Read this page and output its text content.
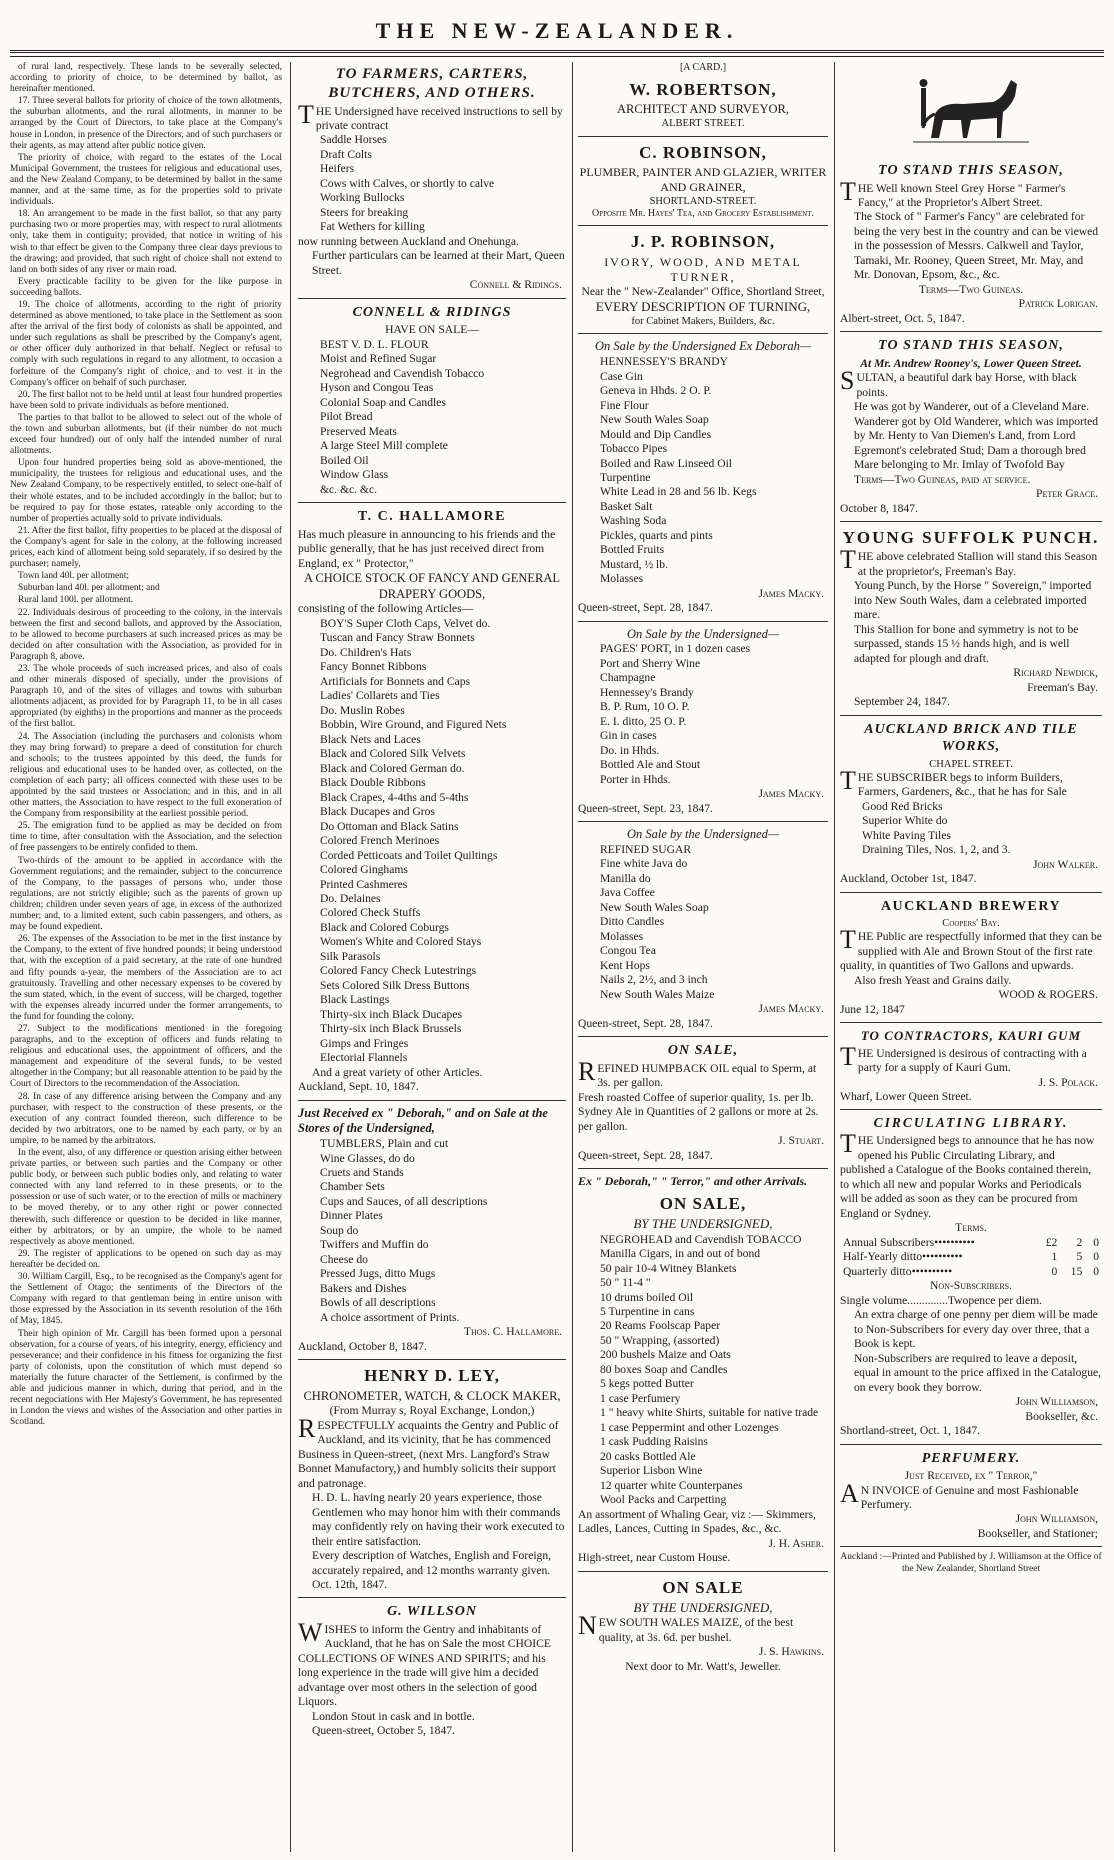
THE NEW-ZEALANDER.

of rural land, respectively. These lands to be severally selected, according to priority of choice, to be determined by ballot, as hereinafter mentioned.

17. Three several ballots for priority of choice of the town allotments, the suburban allotments, and the rural allotments, in manner to be arranged by the Court of Directors, to take place at the Company's house in London, in presence of the Directors, and of such purchasers or their agents, as may attend after public notice given.

The priority of choice, with regard to the estates of the Local Municipal Government, the trustees for religious and educational uses, and the New Zealand Company, to be determined by ballot in the same manner, and at the same time, as for the properties sold to private individuals.

18. An arrangement to be made in the first ballot, so that any party purchasing two or more properties may, with respect to rural allotments only, take them in contiguity; provided, that notice in writing of his wish to that effect be given to the Company three clear days previous to the drawing; and provided, that such right of choice shall not extend to land on both sides of any river or main road.

Every practicable facility to be given for the like purpose in succeeding ballots.

19. The choice of allotments, according to the right of priority determined as above mentioned, to take place in the Settlement as soon after the arrival of the first body of colonists as shall be appointed, and under such regulations as shall be prescribed by the Company's agent, or other officer duly authorized in that behalf. Neglect or refusal to comply with such regulations in regard to any allotment, to occasion a forfeiture of the Company's right of choice, and to vest it in the Company's officer on behalf of such purchaser.

20. The first ballot not to be held until at least four hundred properties have been sold to private individuals as before mentioned.

The parties to that ballot to be allowed to select out of the whole of the town and suburban allotments, but (if their number do not much exceed four hundred) out of only half the intended number of rural allotments.

Upon four hundred properties being sold as above-mentioned, the municipality, the trustees for religious and educational uses, and the New Zealand Company, to be respectively entitled, to select one-half of their whole estates, and to be included accordingly in the ballot; but to be required to pay for those estates, rateable only according to the number of properties actually sold to private individuals.

21. After the first ballot, fifty properties to be placed at the disposal of the Company's agent for sale in the colony, at the following increased prices, each kind of allotment being sold separately, if so desired by the purchaser; namely,

Town land 40l. per allotment;

Suburban land 40l. per allotment; and

Rural land 100l. per allotment.

22. Individuals desirous of proceeding to the colony, in the intervals between the first and second ballots, and approved by the Association, to be allowed to become purchasers at such increased prices as may be decided on after consultation with the Association, as provided for in Paragraph 8, above.

23. The whole proceeds of such increased prices, and also of coals and other minerals disposed of specially, under the provisions of Paragraph 10, and of the sites of villages and towns with suburban allotments adjacent, as provided for by Paragraph 11, to be in all cases appropriated (by eighths) in the proportions and manner as the proceeds of the first ballot.

24. The Association (including the purchasers and colonists whom they may bring forward) to prepare a deed of constitution for church and schools; to the trustees appointed by this deed, the funds for religious and educational uses to be handed over, as collected, on the completion of each party; all officers connected with these uses to be appointed by the said trustees or Association; and in this, and in all other matters, the Association to have respect to the full exoneration of the Company from responsibility at the earliest possible period.

25. The emigration fund to be applied as may be decided on from time to time, after consultation with the Association, and the selection of free passengers to be entirely confided to them.

Two-thirds of the amount to be applied in accordance with the Government regulations; and the remainder, subject to the concurrence of the Company, to the passages of persons who, under those regulations, are not strictly eligible; such as the parents of grown up children; children under seven years of age, in excess of the authorized number; and, to a limited extent, such cabin passengers, and others, as may be found expedient.

26. The expenses of the Association to be met in the first instance by the Company, to the extent of five hundred pounds; it being understood that, with the exception of a paid secretary, at the rate of one hundred and fifty pounds a-year, the members of the Association are to act gratuitously. Travelling and other necessary expenses to be covered by the sum stated, which, in the event of success, will be charged, together with the expenses already incurred under the former arrangements, to the fund for founding the colony.

27. Subject to the modifications mentioned in the foregoing paragraphs, and to the exception of officers and funds relating to religious and educational uses, the appointment of officers, and the management and expenditure of the several funds, to be vested altogether in the Company; but all reasonable attention to be paid by the Court of Directors to the recommendation of the Association.

28. In case of any difference arising between the Company and any purchaser, with respect to the construction of these presents, or the execution of any contract founded thereon, such difference to be decided by two arbitrators, one to be named by each party, or by an umpire, to be named by the arbitrators.

In the event, also, of any difference or question arising either between private parties, or between such parties and the Company or other public body, or between such public bodies only, and relating to water connected with any land referred to in these presents, or to the possession or use of such water, or to the erection of mills or machinery to be moved thereby, or to any other right or power connected therewith, such difference or question to be decided in like manner, either by arbitrators, or by an umpire, the whole to be named respectively as above mentioned.

29. The register of applications to be opened on such day as may hereafter be decided on.

30. William Cargill, Esq., to be recognised as the Company's agent for the Settlement of Otago; the sentiments of the Directors of the Company with regard to that gentleman being in entire unison with those expressed by the Association in its seventh resolution of the 16th of May, 1845.

Their high opinion of Mr. Cargill has been formed upon a personal observation, for a course of years, of his integrity, energy, efficiency and perseverance; and their confidence in his fitness for organizing the first party of colonists, upon the constitution of which must depend so materially the future character of the Settlement, is confirmed by the able and judicious manner in which, during that period, and in the recent negociations with Her Majesty's Government, he has represented in London the views and wishes of the Association and other parties in Scotland.

TO FARMERS, CARTERS, BUTCHERS, AND OTHERS.

THE Undersigned have received instructions to sell by private contract

Saddle Horses
Draft Colts
Heifers
Cows with Calves, or shortly to calve
Working Bullocks
Steers for breaking
Fat Wethers for killing

now running between Auckland and Onehunga.

Further particulars can be learned at their Mart, Queen Street.

Connell & Ridings.

CONNELL & RIDINGS
HAVE ON SALE—
BEST V. D. L. FLOUR
Moist and Refined Sugar
Negrohead and Cavendish Tobacco
Hyson and Congou Teas
Colonial Soap and Candles
Pilot Bread
Preserved Meats
A large Steel Mill complete
Boiled Oil
Window Glass
&c. &c. &c.
T. C. HALLAMORE

Has much pleasure in announcing to his friends and the public generally, that he has just received direct from England, ex " Protector,"

A CHOICE STOCK OF FANCY AND GENERAL DRAPERY GOODS,

consisting of the following Articles—

BOY'S Super Cloth Caps, Velvet do.
Tuscan and Fancy Straw Bonnets
Do. Children's Hats
Fancy Bonnet Ribbons
Artificials for Bonnets and Caps
Ladies' Collarets and Ties
Do. Muslin Robes
Bobbin, Wire Ground, and Figured Nets
Black Nets and Laces
Black and Colored Silk Velvets
Black and Colored German do.
Black Double Ribbons
Black Crapes, 4-4ths and 5-4ths
Black Ducapes and Gros
Do Ottoman and Black Satins
Colored French Merinoes
Corded Petticoats and Toilet Quiltings
Colored Ginghams
Printed Cashmeres
Do. Delaines
Colored Check Stuffs
Black and Colored Coburgs
Women's White and Colored Stays
Silk Parasols
Colored Fancy Check Lutestrings
Sets Colored Silk Dress Buttons
Black Lastings
Thirty-six inch Black Ducapes
Thirty-six inch Black Brussels
Gimps and Fringes
Electorial Flannels

And a great variety of other Articles.

Auckland, Sept. 10, 1847.

Just Received ex " Deborah," and on Sale at the Stores of the Undersigned,

TUMBLERS, Plain and cut
Wine Glasses, do do
Cruets and Stands
Chamber Sets
Cups and Sauces, of all descriptions
Dinner Plates
Soup do
Twiffers and Muffin do
Cheese do
Pressed Jugs, ditto Mugs
Bakers and Dishes
Bowls of all descriptions
A choice assortment of Prints.

Thos. C. Hallamore.

Auckland, October 8, 1847.

HENRY D. LEY,
CHRONOMETER, WATCH, & CLOCK MAKER,
(From Murray s, Royal Exchange, London,)

RESPECTFULLY acquaints the Gentry and Public of Auckland, and its vicinity, that he has commenced Business in Queen-street, (next Mrs. Langford's Straw Bonnet Manufactory,) and humbly solicits their support and patronage.

H. D. L. having nearly 20 years experience, those Gentlemen who may honor him with their commands may confidently rely on having their work executed to their entire satisfaction.

Every description of Watches, English and Foreign, accurately repaired, and 12 months warranty given.

Oct. 12th, 1847.

G. WILLSON

WISHES to inform the Gentry and inhabitants of Auckland, that he has on Sale the most CHOICE COLLECTIONS OF WINES AND SPIRITS; and his long experience in the trade will give him a decided advantage over most others in the selection of good Liquors.

London Stout in cask and in bottle.

Queen-street, October 5, 1847.

[A CARD.]
W. ROBERTSON,
ARCHITECT AND SURVEYOR,
ALBERT STREET.
C. ROBINSON,
PLUMBER, PAINTER AND GLAZIER, WRITER AND GRAINER,
SHORTLAND-STREET.
Opposite Mr. Hayes' Tea, and Grocery Establishment.
J. P. ROBINSON,
IVORY, WOOD, AND METAL TURNER,
Near the " New-Zealander" Office, Shortland Street,
EVERY DESCRIPTION OF TURNING,
for Cabinet Makers, Builders, &c.
On Sale by the Undersigned Ex Deborah—
HENNESSEY'S BRANDY
Case Gin
Geneva in Hhds. 2 O. P.
Fine Flour
New South Wales Soap
Mould and Dip Candles
Tobacco Pipes
Boiled and Raw Linseed Oil
Turpentine
White Lead in 28 and 56 lb. Kegs
Basket Salt
Washing Soda
Pickles, quarts and pints
Bottled Fruits
Mustard, ½ lb.
Molasses

James Macky.

Queen-street, Sept. 28, 1847.

On Sale by the Undersigned—
PAGES' PORT, in 1 dozen cases
Port and Sherry Wine
Champagne
Hennessey's Brandy
B. P. Rum, 10 O. P.
E. I. ditto, 25 O. P.
Gin in cases
Do. in Hhds.
Bottled Ale and Stout
Porter in Hhds.

James Macky.

Queen-street, Sept. 23, 1847.

On Sale by the Undersigned—
REFINED SUGAR
Fine white Java do
Manilla do
Java Coffee
New South Wales Soap
Ditto Candles
Molasses
Congou Tea
Kent Hops
Nails 2, 2½, and 3 inch
New South Wales Maize

James Macky.

Queen-street, Sept. 28, 1847.

ON SALE,

REFINED HUMPBACK OIL equal to Sperm, at 3s. per gallon.

Fresh roasted Coffee of superior quality, 1s. per lb.

Sydney Ale in Quantities of 2 gallons or more at 2s. per gallon.

J. Stuart.

Queen-street, Sept. 28, 1847.

Ex " Deborah," " Terror," and other Arrivals.

ON SALE,
BY THE UNDERSIGNED,
NEGROHEAD and Cavendish TOBACCO
Manilla Cigars, in and out of bond
50 pair 10-4 Witney Blankets
50 " 11-4 "
10 drums boiled Oil
5 Turpentine in cans
20 Reams Foolscap Paper
50 " Wrapping, (assorted)
200 bushels Maize and Oats
80 boxes Soap and Candles
5 kegs potted Butter
1 case Perfumery
1 " heavy white Shirts, suitable for native trade
1 case Peppermint and other Lozenges
1 cask Pudding Raisins
20 casks Bottled Ale
Superior Lisbon Wine
12 quarter white Counterpanes
Wool Packs and Carpetting

An assortment of Whaling Gear, viz :— Skimmers, Ladles, Lances, Cutting in Spades, &c., &c.

J. H. Asher.

High-street, near Custom House.

ON SALE
BY THE UNDERSIGNED,

NEW SOUTH WALES MAIZE, of the best quality, at 3s. 6d. per bushel.

J. S. Hawkins.

Next door to Mr. Watt's, Jeweller.

TO STAND THIS SEASON,

THE Well known Steel Grey Horse " Farmer's Fancy," at the Proprietor's Albert Street.

The Stock of " Farmer's Fancy" are celebrated for being the very best in the country and can be viewed in the possession of Messrs. Calkwell and Taylor, Tamaki, Mr. Rooney, Queen Street, Mr. May, and Mr. Donovan, Epsom, &c., &c.

Terms—Two Guineas.

Patrick Lorigan.

Albert-street, Oct. 5, 1847.

TO STAND THIS SEASON,
At Mr. Andrew Rooney's, Lower Queen Street.

SULTAN, a beautiful dark bay Horse, with black points.

He was got by Wanderer, out of a Cleveland Mare.

Wanderer got by Old Wanderer, which was imported by Mr. Henty to Van Diemen's Land, from Lord Egremont's celebrated Stud; Dam a thorough bred Mare belonging to Mr. Imlay of Twofold Bay

Terms—Two Guineas, paid at service.

Peter Grace.

October 8, 1847.

YOUNG SUFFOLK PUNCH.

THE above celebrated Stallion will stand this Season at the proprietor's, Freeman's Bay.

Young Punch, by the Horse " Sovereign," imported into New South Wales, dam a celebrated imported mare.

This Stallion for bone and symmetry is not to be surpassed, stands 15 ½ hands high, and is well adapted for plough and draft.

Richard Newdick,

Freeman's Bay.

September 24, 1847.

AUCKLAND BRICK AND TILE WORKS,
CHAPEL STREET.

THE SUBSCRIBER begs to inform Builders, Farmers, Gardeners, &c., that he has for Sale

Good Red Bricks
Superior White do
White Paving Tiles
Draining Tiles, Nos. 1, 2, and 3.

John Walker.

Auckland, October 1st, 1847.

AUCKLAND BREWERY
Coopers' Bay.

THE Public are respectfully informed that they can be supplied with Ale and Brown Stout of the first rate quality, in quantities of Two Gallons and upwards.

Also fresh Yeast and Grains daily.

WOOD & ROGERS.

June 12, 1847

TO CONTRACTORS, KAURI GUM

THE Undersigned is desirous of contracting with a party for a supply of Kauri Gum.

J. S. Polack.

Wharf, Lower Queen Street.

CIRCULATING LIBRARY.

THE Undersigned begs to announce that he has now opened his Public Circulating Library, and published a Catalogue of the Books contained therein, to which all new and popular Works and Periodicals will be added as soon as they can be procured from England or Sydney.

Terms.

Annual Subscribers••••••••••	£2	2	0
Half-Yearly ditto••••••••••	1	5	0
Quarterly ditto••••••••••	0	15	0

Non-Subscribers.

Single volume..............Twopence per diem.

An extra charge of one penny per diem will be made to Non-Subscribers for every day over three, that a Book is kept.

Non-Subscribers are required to leave a deposit, equal in amount to the price affixed in the Catalogue, on every book they borrow.

John Williamson,

Bookseller, &c.

Shortland-street, Oct. 1, 1847.

PERFUMERY.

Just Received, ex " Terror,"

AN INVOICE of Genuine and most Fashionable Perfumery.

John Williamson,

Bookseller, and Stationer;

Auckland :—Printed and Published by J. Williamson at the Office of the New Zealander, Shortland Street
